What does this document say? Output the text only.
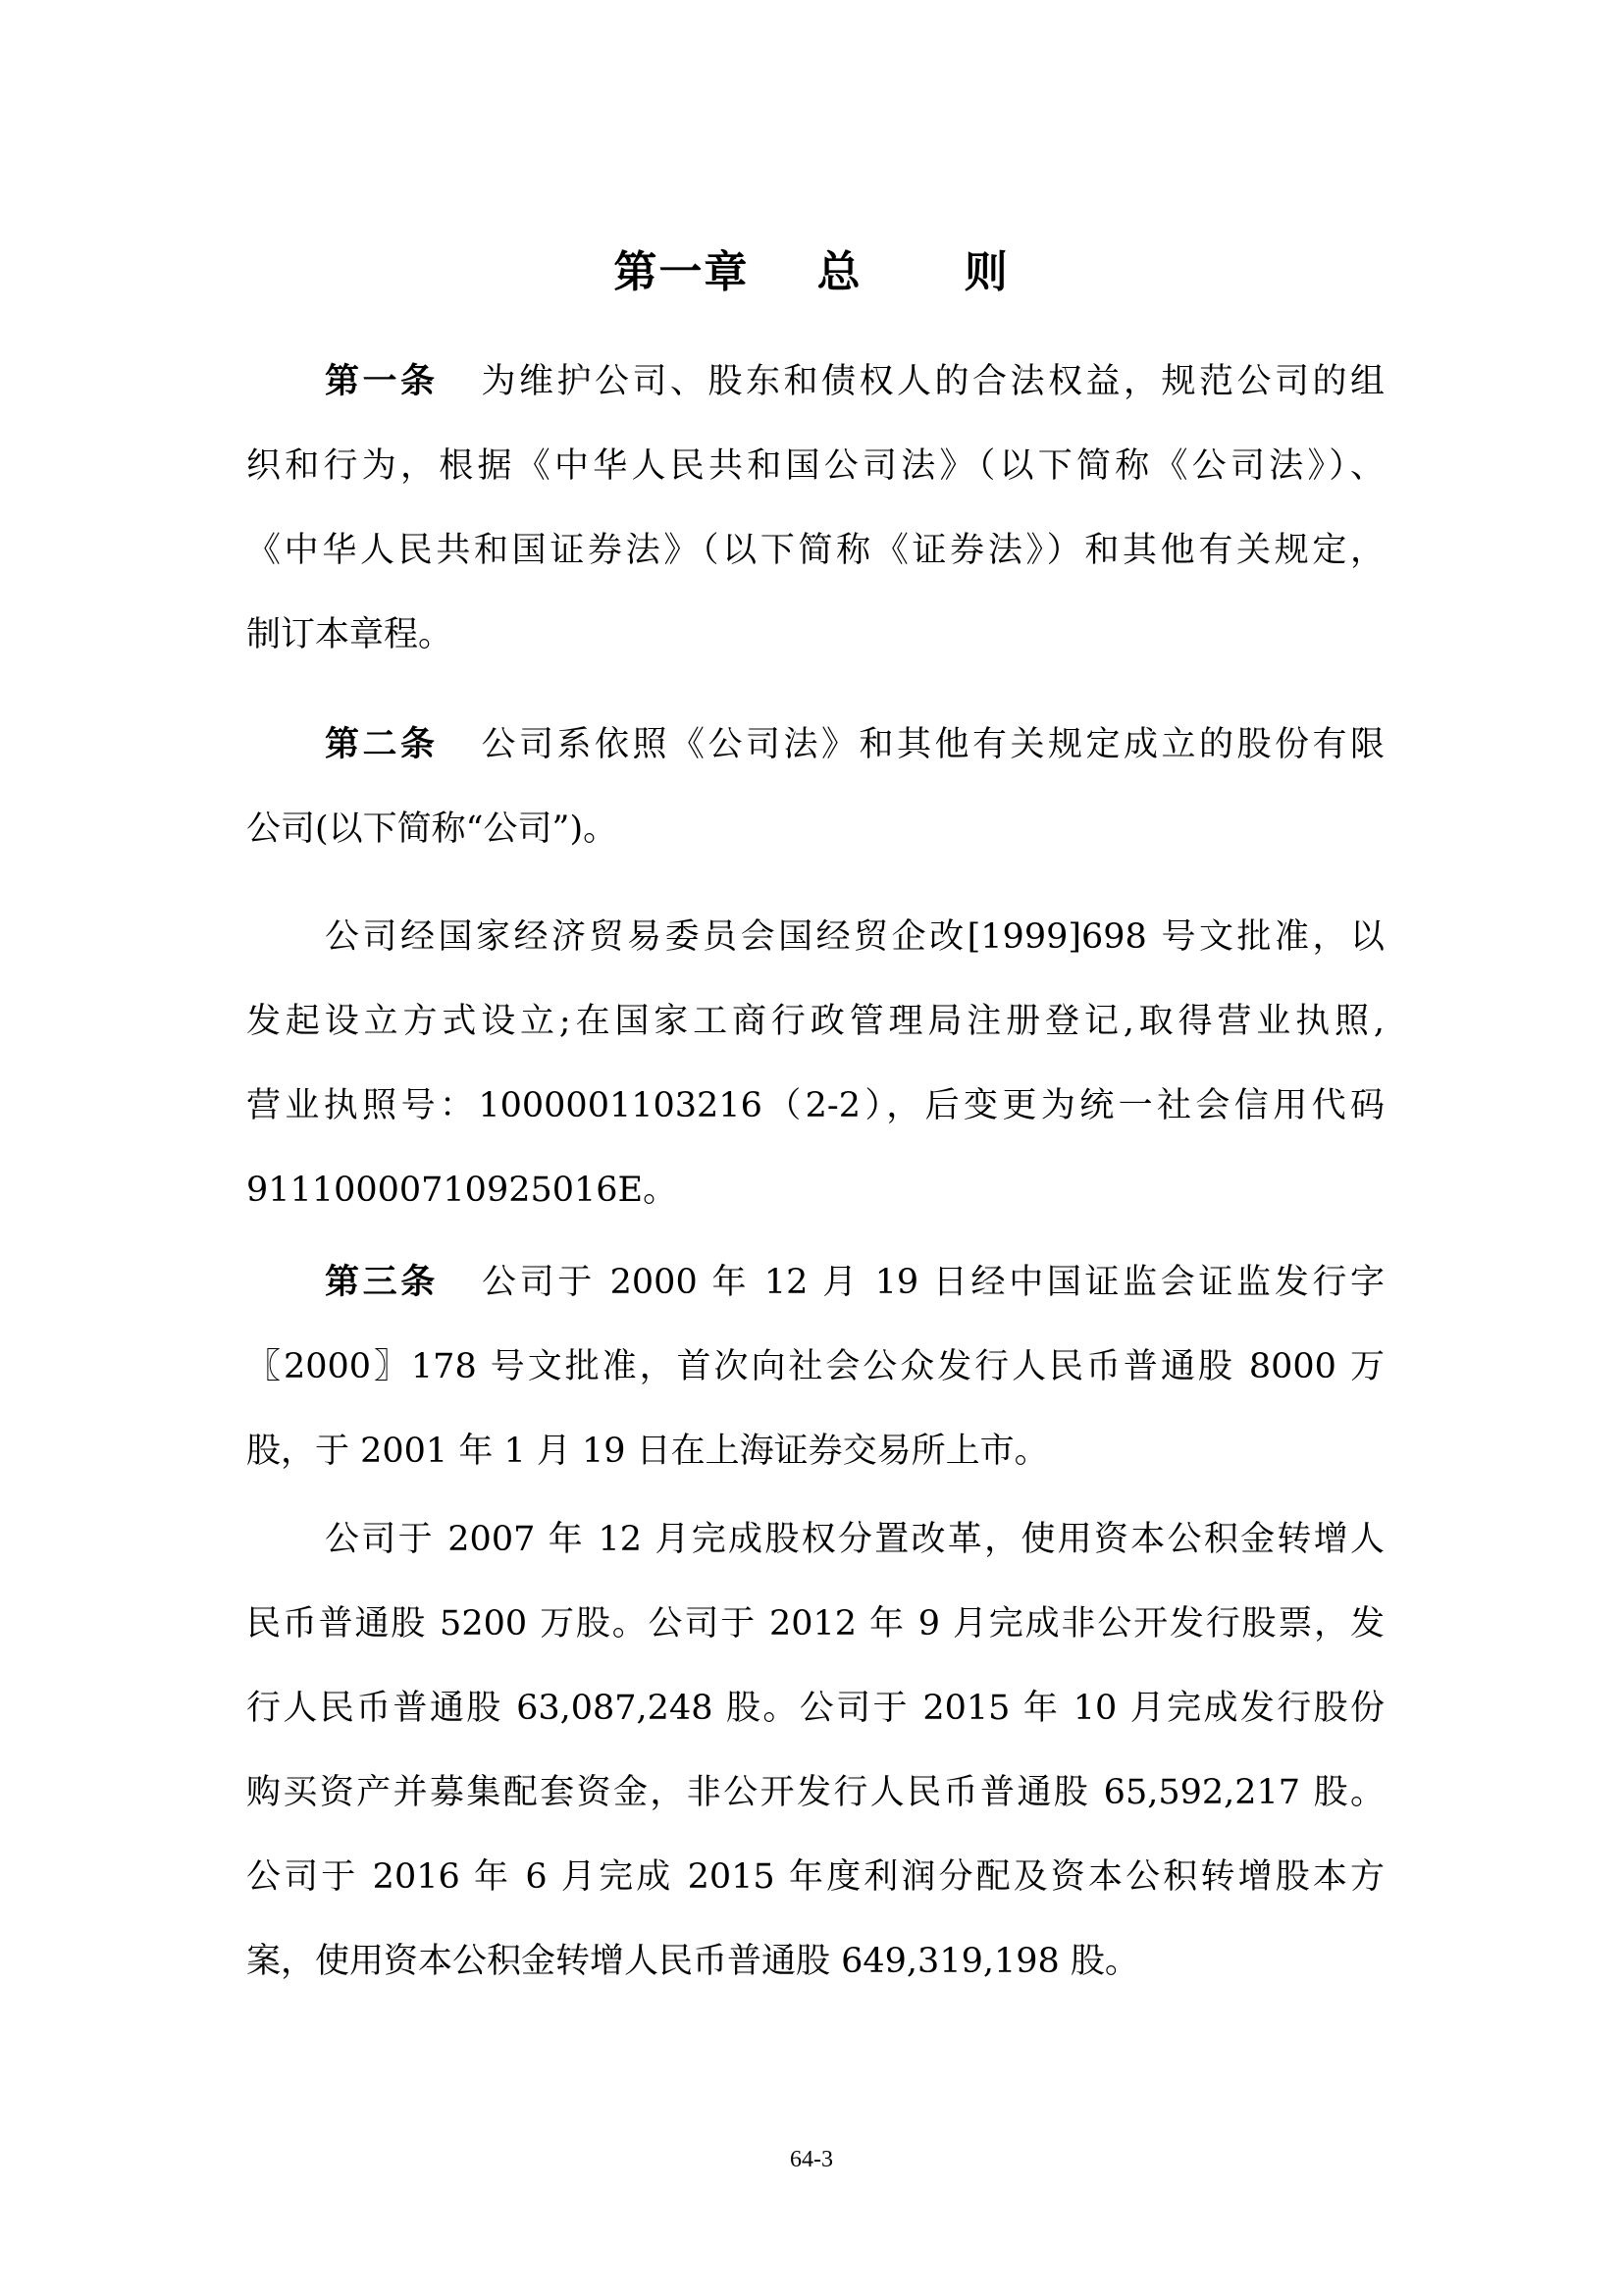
第一章    总      则
第一条 为维护公司、股东和债权人的合法权益，规范公司的组
织和行为，根据《中华人民共和国公司法》（以下简称《公司法》）、
《中华人民共和国证券法》（以下简称《证券法》）和其他有关规定，
制订本章程。
第二条 公司系依照《公司法》和其他有关规定成立的股份有限
公司(以下简称“公司”)。
公司经国家经济贸易委员会国经贸企改[1999]698 号文批准，以
发起设立方式设立;在国家工商行政管理局注册登记,取得营业执照,
营业执照号：1000001103216（2-2），后变更为统一社会信用代码
91110000710925016E。
第三条 公司于 2000 年 12 月 19 日经中国证监会证监发行字
〖2000〗178 号文批准，首次向社会公众发行人民币普通股 8000 万
股，于 2001 年 1 月 19 日在上海证券交易所上市。
公司于 2007 年 12 月完成股权分置改革，使用资本公积金转增人
民币普通股 5200 万股。公司于 2012 年 9 月完成非公开发行股票，发
行人民币普通股 63,087,248 股。公司于 2015 年 10 月完成发行股份
购买资产并募集配套资金，非公开发行人民币普通股 65,592,217 股。
公司于 2016 年 6 月完成 2015 年度利润分配及资本公积转增股本方
案，使用资本公积金转增人民币普通股 649,319,198 股。
64-3
